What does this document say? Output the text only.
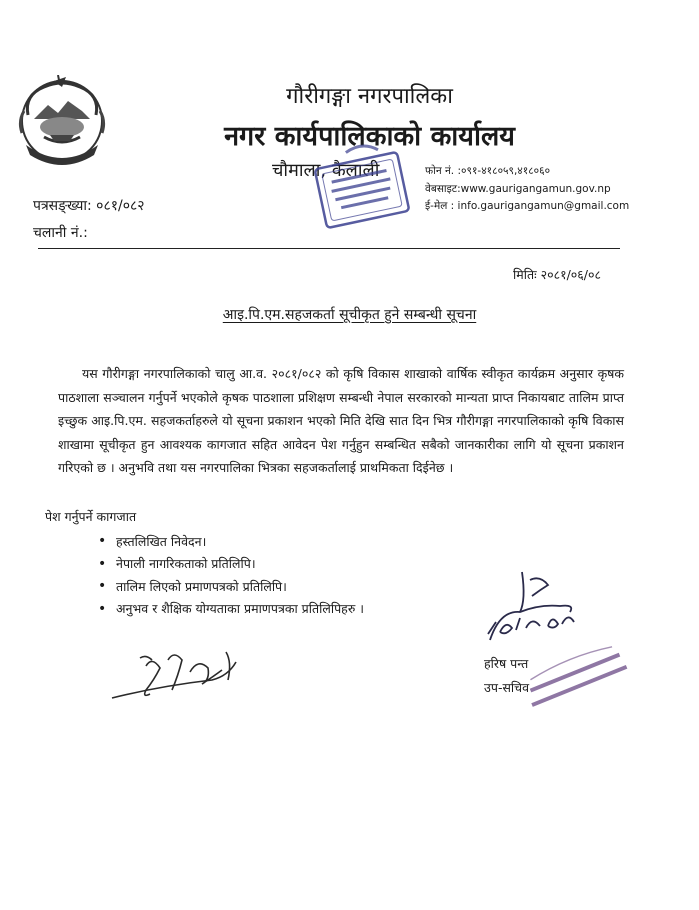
गौरीगङ्गा नगरपालिका
नगर कार्यपालिकाको कार्यालय
चौमाला, कैलाली	फोन नं. :०९१-४१८०५९,४१८०६०
वेबसाइट:www.gaurigangamun.gov.np
ई-मेल : info.gaurigangamun@gmail.com
पत्रसङ्ख्या: ०८१/०८२
चलानी नं.:
मितिः २०८१/०६/०८
आइ.पि.एम.सहजकर्ता सूचीकृत हुने सम्बन्धी सूचना
यस गौरीगङ्गा नगरपालिकाको चालु आ.व. २०८१/०८२ को कृषि विकास शाखाको वार्षिक स्वीकृत कार्यक्रम अनुसार कृषक पाठशाला सञ्चालन गर्नुपर्ने भएकोले कृषक पाठशाला प्रशिक्षण सम्बन्धी नेपाल सरकारको मान्यता प्राप्त निकायबाट तालिम प्राप्त इच्छुक आइ.पि.एम. सहजकर्ताहरुले यो सूचना प्रकाशन भएको मिति देखि सात दिन भित्र गौरीगङ्गा नगरपालिकाको कृषि विकास शाखामा सूचीकृत हुन आवश्यक कागजात सहित आवेदन पेश गर्नुहुन सम्बन्धित सबैको जानकारीका लागि यो सूचना प्रकाशन गरिएको छ । अनुभवि तथा यस नगरपालिका भित्रका सहजकर्तालाई प्राथमिकता दिईनेछ ।
पेश गर्नुपर्ने कागजात
• हस्तलिखित निवेदन।
• नेपाली नागरिकताको प्रतिलिपि।
• तालिम लिएको प्रमाणपत्रको प्रतिलिपि।
• अनुभव र शैक्षिक योग्यताका प्रमाणपत्रका प्रतिलिपिहरु ।
हरिष पन्त
उप-सचिव
